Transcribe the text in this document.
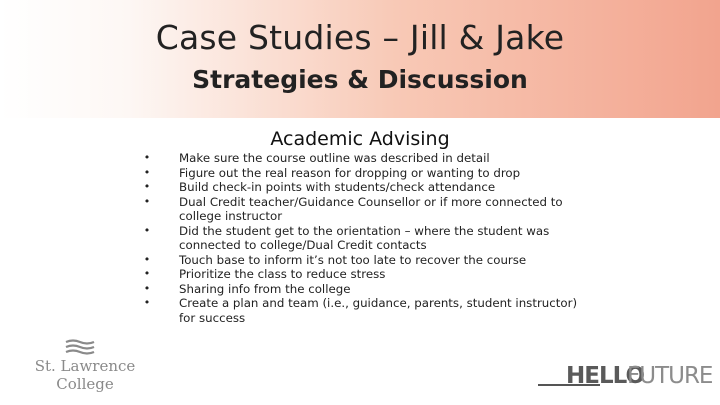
Case Studies – Jill & Jake
Strategies & Discussion
Academic Advising
• Make sure the course outline was described in detail
• Figure out the real reason for dropping or wanting to drop
• Build check-in points with students/check attendance
• Dual Credit teacher/Guidance Counsellor or if more connected to
college instructor
• Did the student get to the orientation – where the student was
connected to college/Dual Credit contacts
• Touch base to inform it’s not too late to recover the course
• Prioritize the class to reduce stress
• Sharing info from the college
• Create a plan and team (i.e., guidance, parents, student instructor)
for success
St. Lawrence
College	HELLO
FUTURE
